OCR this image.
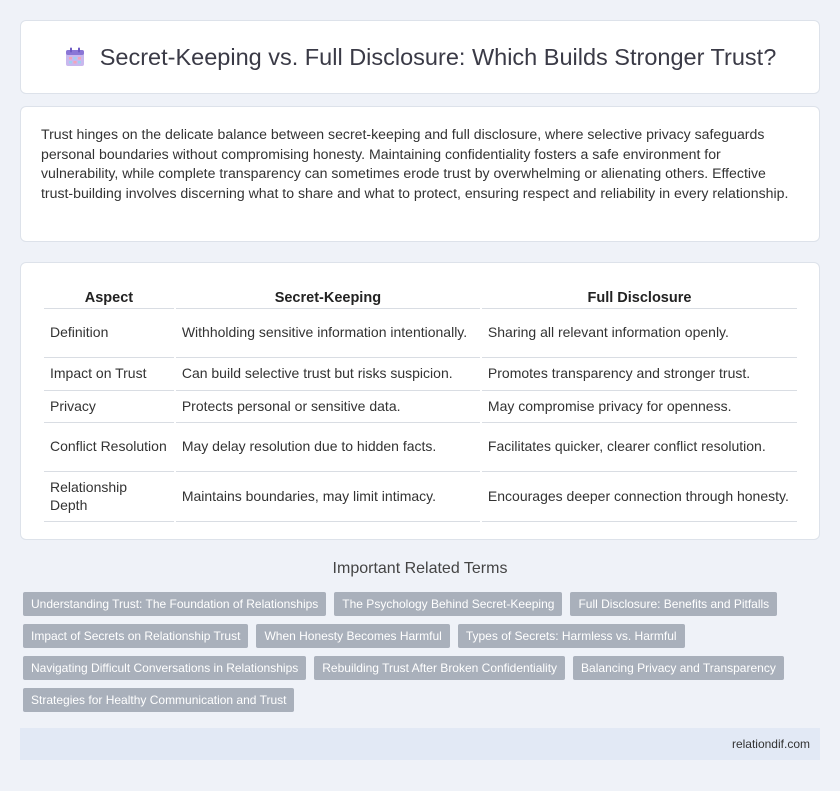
Secret-Keeping vs. Full Disclosure: Which Builds Stronger Trust?

Trust hinges on the delicate balance between secret-keeping and full disclosure, where selective privacy safeguards personal boundaries without compromising honesty. Maintaining confidentiality fosters a safe environment for vulnerability, while complete transparency can sometimes erode trust by overwhelming or alienating others. Effective trust-building involves discerning what to share and what to protect, ensuring respect and reliability in every relationship.

Aspect	Secret-Keeping	Full Disclosure
Definition	Withholding sensitive information intentionally.	Sharing all relevant information openly.
Impact on Trust	Can build selective trust but risks suspicion.	Promotes transparency and stronger trust.
Privacy	Protects personal or sensitive data.	May compromise privacy for openness.
Conflict Resolution	May delay resolution due to hidden facts.	Facilitates quicker, clearer conflict resolution.
Relationship Depth	Maintains boundaries, may limit intimacy.	Encourages deeper connection through honesty.
Important Related Terms
Understanding Trust: The Foundation of Relationships	The Psychology Behind Secret-Keeping	Full Disclosure: Benefits and Pitfalls
Impact of Secrets on Relationship Trust	When Honesty Becomes Harmful	Types of Secrets: Harmless vs. Harmful
Navigating Difficult Conversations in Relationships	Rebuilding Trust After Broken Confidentiality	Balancing Privacy and Transparency
Strategies for Healthy Communication and Trust
relationdif.com
